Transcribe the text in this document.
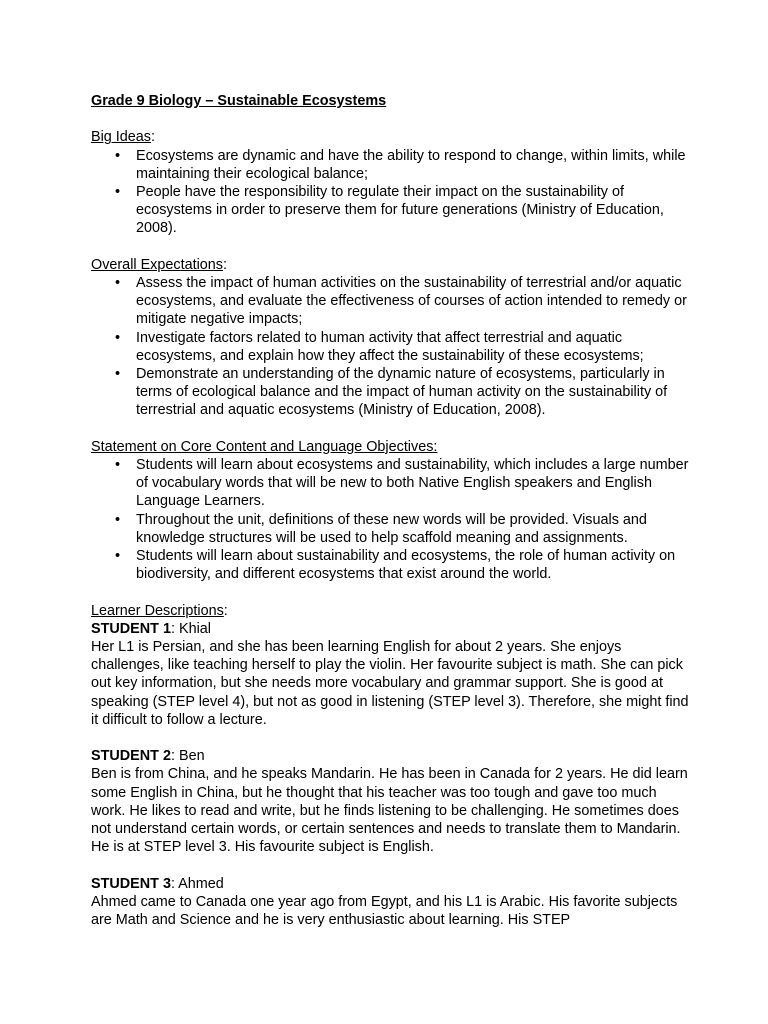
Grade 9 Biology – Sustainable Ecosystems

Big Ideas:

• Ecosystems are dynamic and have the ability to respond to change, within limits, while maintaining their ecological balance;
• People have the responsibility to regulate their impact on the sustainability of ecosystems in order to preserve them for future generations (Ministry of Education, 2008).

Overall Expectations:

• Assess the impact of human activities on the sustainability of terrestrial and/or aquatic ecosystems, and evaluate the effectiveness of courses of action intended to remedy or mitigate negative impacts;
• Investigate factors related to human activity that affect terrestrial and aquatic ecosystems, and explain how they affect the sustainability of these ecosystems;
• Demonstrate an understanding of the dynamic nature of ecosystems, particularly in terms of ecological balance and the impact of human activity on the sustainability of terrestrial and aquatic ecosystems (Ministry of Education, 2008).

Statement on Core Content and Language Objectives:

• Students will learn about ecosystems and sustainability, which includes a large number of vocabulary words that will be new to both Native English speakers and English Language Learners.
• Throughout the unit, definitions of these new words will be provided. Visuals and knowledge structures will be used to help scaffold meaning and assignments.
• Students will learn about sustainability and ecosystems, the role of human activity on biodiversity, and different ecosystems that exist around the world.

Learner Descriptions:

STUDENT 1: Khial

Her L1 is Persian, and she has been learning English for about 2 years. She enjoys challenges, like teaching herself to play the violin. Her favourite subject is math. She can pick out key information, but she needs more vocabulary and grammar support. She is good at speaking (STEP level 4), but not as good in listening (STEP level 3). Therefore, she might find it difficult to follow a lecture.

STUDENT 2: Ben

Ben is from China, and he speaks Mandarin. He has been in Canada for 2 years. He did learn some English in China, but he thought that his teacher was too tough and gave too much work. He likes to read and write, but he finds listening to be challenging. He sometimes does not understand certain words, or certain sentences and needs to translate them to Mandarin. He is at STEP level 3. His favourite subject is English.

STUDENT 3: Ahmed

Ahmed came to Canada one year ago from Egypt, and his L1 is Arabic. His favorite subjects are Math and Science and he is very enthusiastic about learning. His STEP
